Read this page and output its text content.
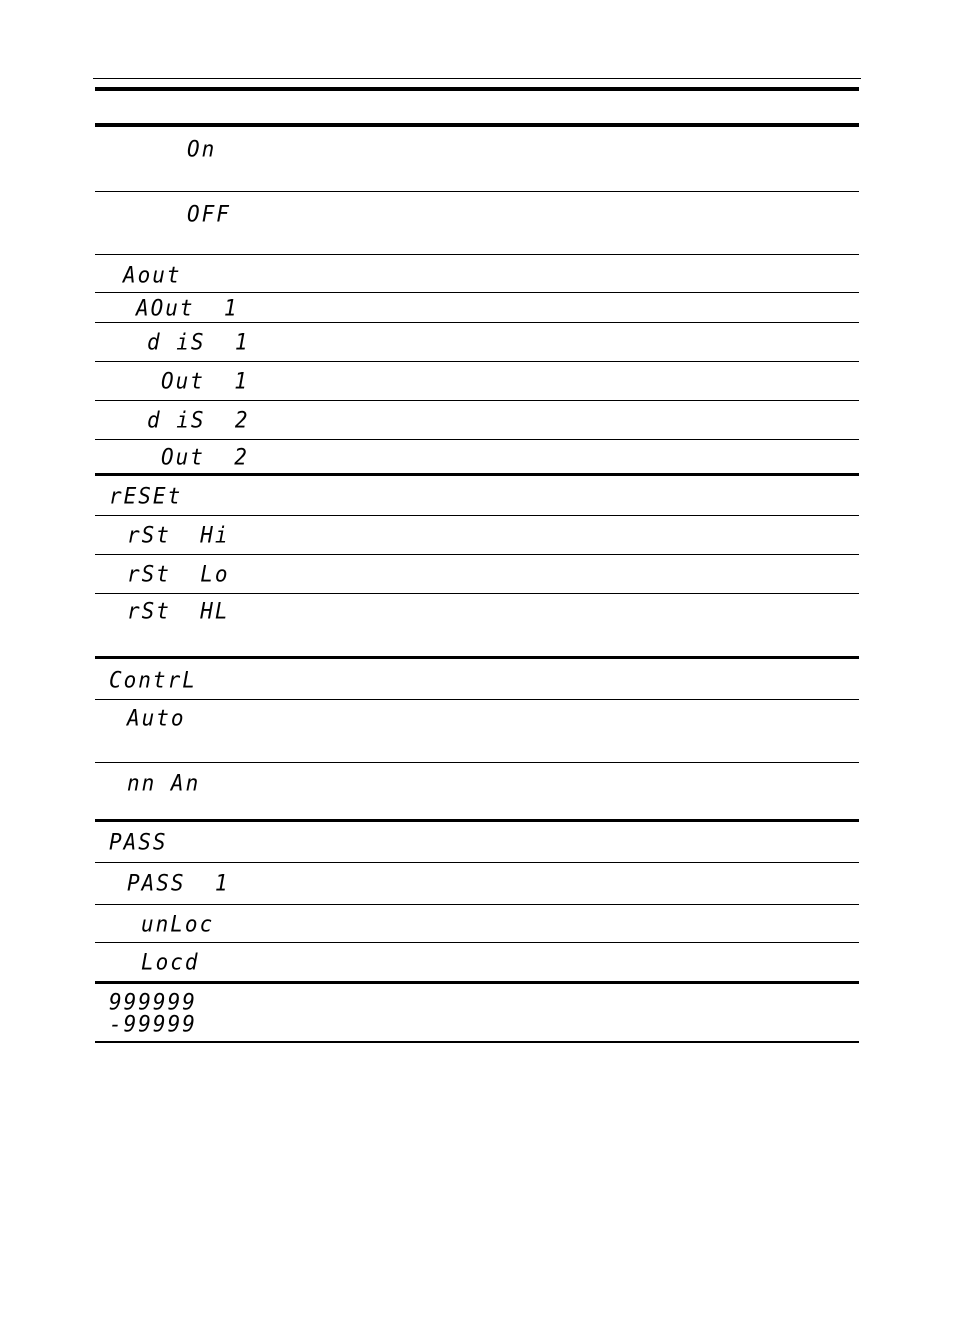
On
OFF
Aout
AOut  1
d iS  1
Out  1
d iS  2
Out  2
rESEt
rSt  Hi
rSt  Lo
rSt  HL
ContrL
Auto
nn An
PASS
PASS  1
unLoc
Locd
999999
-99999
